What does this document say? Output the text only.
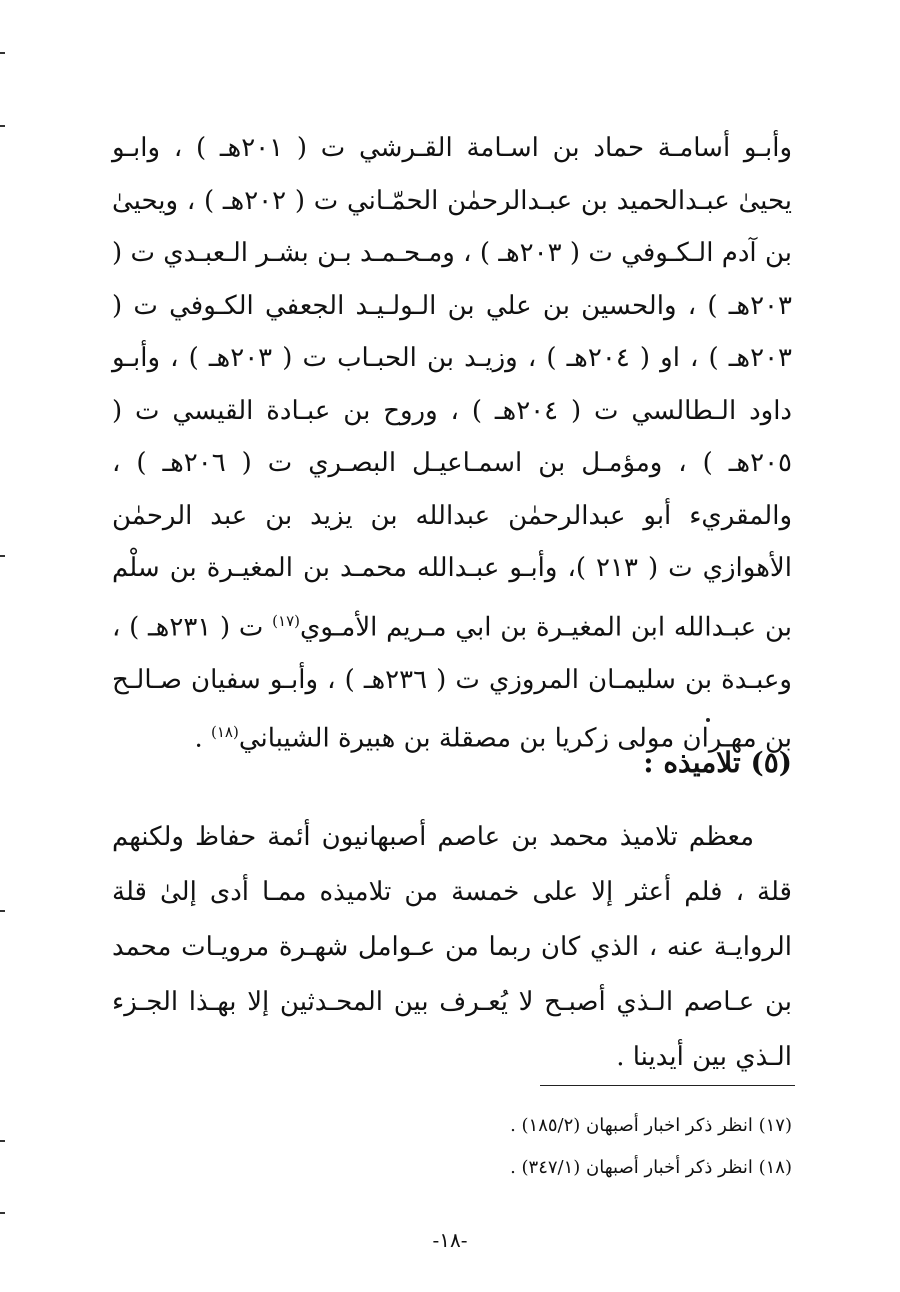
وأبـو أسامـة حماد بن اسـامة القـرشي ت ( ٢٠١هـ ) ، وابـو يحيىٰ عبـدالحميد بن عبـدالرحمٰن الحمّـاني ت ( ٢٠٢هـ ) ، ويحيىٰ بن آدم الـكـوفي ت ( ٢٠٣هـ ) ، ومـحـمـد بـن بشـر الـعبـدي ت ( ٢٠٣هـ ) ، والحسين بن علي بن الـولـيـد الجعفي الكـوفي ت ( ٢٠٣هـ ) ، او ( ٢٠٤هـ ) ، وزيـد بن الحبـاب ت ( ٢٠٣هـ ) ، وأبـو داود الـطالسي ت ( ٢٠٤هـ ) ، وروح بن عبـادة القيسي ت ( ٢٠٥هـ ) ، ومؤمـل بن اسمـاعيـل البصـري ت ( ٢٠٦هـ ) ، والمقريء أبو عبدالرحمٰن عبدالله بن يزيد بن عبد الرحمٰن الأهوازي ت ( ٢١٣ )، وأبـو عبـدالله محمـد بن المغيـرة بن سلْم بن عبـدالله ابن المغيـرة بن ابي مـريم الأمـوي$^{(١٧)}$ ت ( ٢٣١هـ ) ، وعبـدة بن سليمـان المروزي ت ( ٢٣٦هـ ) ، وأبـو سفيان صـالـح بن مهـران مولى زكريا بن مصقلة بن هبيرة الشيباني$^{(١٨)}$ .

(٥) تلاميذه :

معظم تلاميذ محمد بن عاصم أصبهانيون أئمة حفاظ ولكنهم قلة ، فلم أعثر إلا على خمسة من تلاميذه ممـا أدى إلىٰ قلة الروايـة عنه ، الذي كان ربما من عـوامل شهـرة مرويـات محمد بن عـاصم الـذي أصبـح لا يُعـرف بين المحـدثين إلا بهـذا الجـزء الـذي بين أيدينا .

(١٧) انظر ذكر اخبار أصبهان (١٨٥/٢) .
(١٨) انظر ذكر أخبار أصبهان (٣٤٧/١) .
-١٨-
